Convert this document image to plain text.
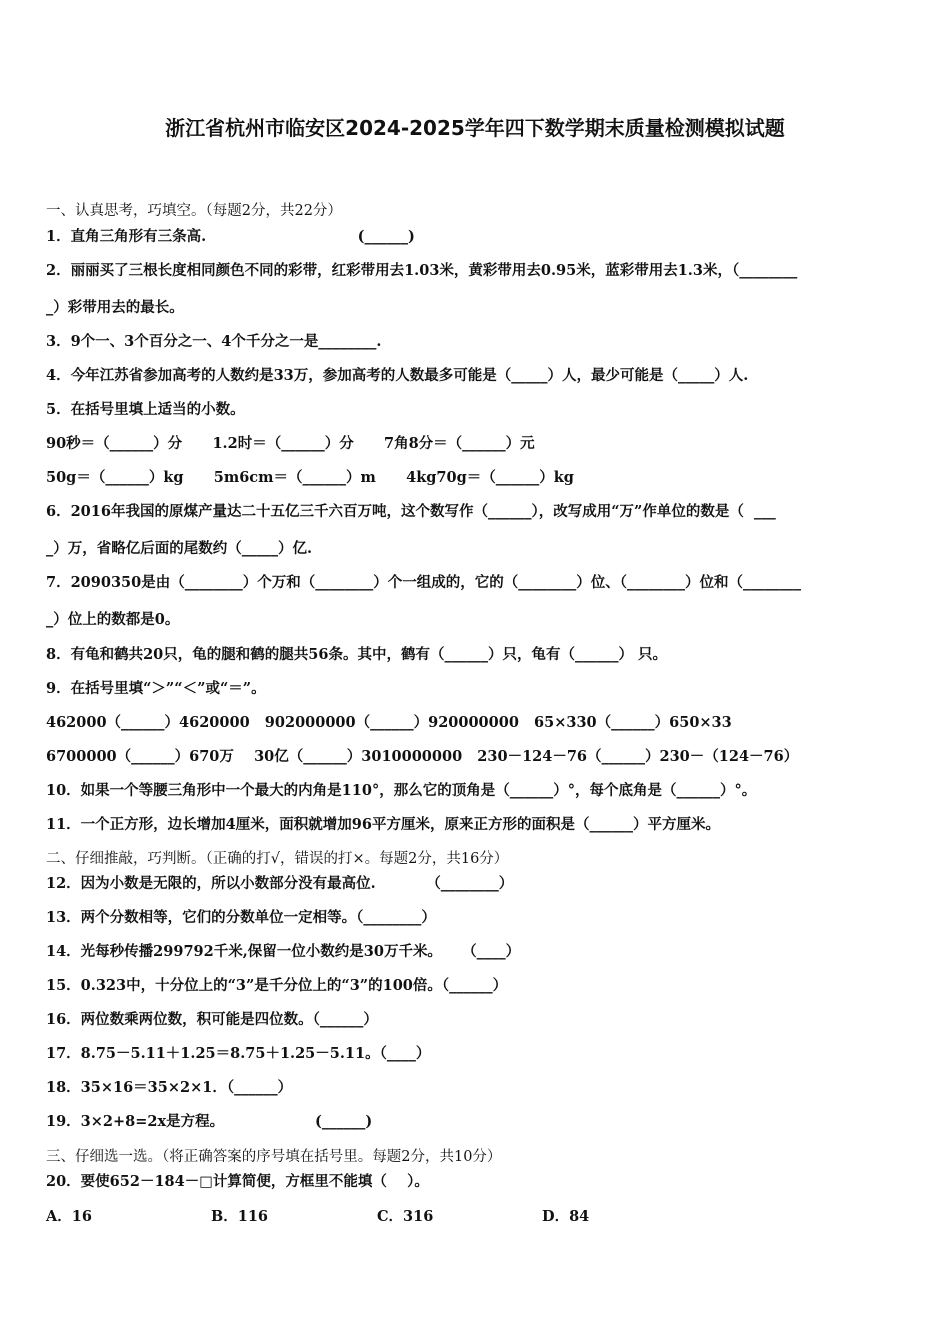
浙江省杭州市临安区2024-2025学年四下数学期末质量检测模拟试题
一、认真思考，巧填空。（每题2分，共22分）
1．直角三角形有三条高.                              (______)
2．丽丽买了三根长度相同颜色不同的彩带，红彩带用去1.03米，黄彩带用去0.95米，蓝彩带用去1.3米，（________
_）彩带用去的最长。
3．9个一、3个百分之一、4个千分之一是________.
4．今年江苏省参加高考的人数约是33万，参加高考的人数最多可能是（_____）人，最少可能是（_____）人.
5．在括号里填上适当的小数。
90秒＝（______）分      1.2时＝（______）分      7角8分＝（______）元
50g＝（______）kg      5m6cm＝（______）m      4kg70g＝（______）kg
6．2016年我国的原煤产量达二十五亿三千六百万吨，这个数写作（______），改写成用“万”作单位的数是（  ___
_）万，省略亿后面的尾数约（_____）亿.
7．2090350是由（________）个万和（________）个一组成的，它的（________）位、（________）位和（________
_）位上的数都是0。
8．有龟和鹤共20只，龟的腿和鹤的腿共56条。其中，鹤有（______）只，龟有（______） 只。
9．在括号里填“＞”“＜”或“＝”。
462000（______）4620000   902000000（______）920000000   65×330（______）650×33
6700000（______）670万    30亿（______）3010000000   230－124－76（______）230－（124－76）
10．如果一个等腰三角形中一个最大的内角是110°，那么它的顶角是（______）°，每个底角是（______）°。
11．一个正方形，边长增加4厘米，面积就增加96平方厘米，原来正方形的面积是（______）平方厘米。
二、仔细推敲，巧判断。（正确的打√，错误的打×。每题2分，共16分）
12．因为小数是无限的，所以小数部分没有最高位.          （________）
13．两个分数相等，它们的分数单位一定相等。（________）
14．光每秒传播299792千米,保留一位小数约是30万千米。    （____）
15．0.323中，十分位上的“3”是千分位上的“3”的100倍。（______）
16．两位数乘两位数，积可能是四位数。（______）
17．8.75－5.11＋1.25＝8.75＋1.25－5.11。（____）
18．35×16＝35×2×1．（______）
19．3×2+8=2x是方程。                  (______)
三、仔细选一选。（将正确答案的序号填在括号里。每题2分，共10分）
20．要使652－184－□计算简便，方框里不能填（    ）。
A．16	B．116	C．316	D．84
